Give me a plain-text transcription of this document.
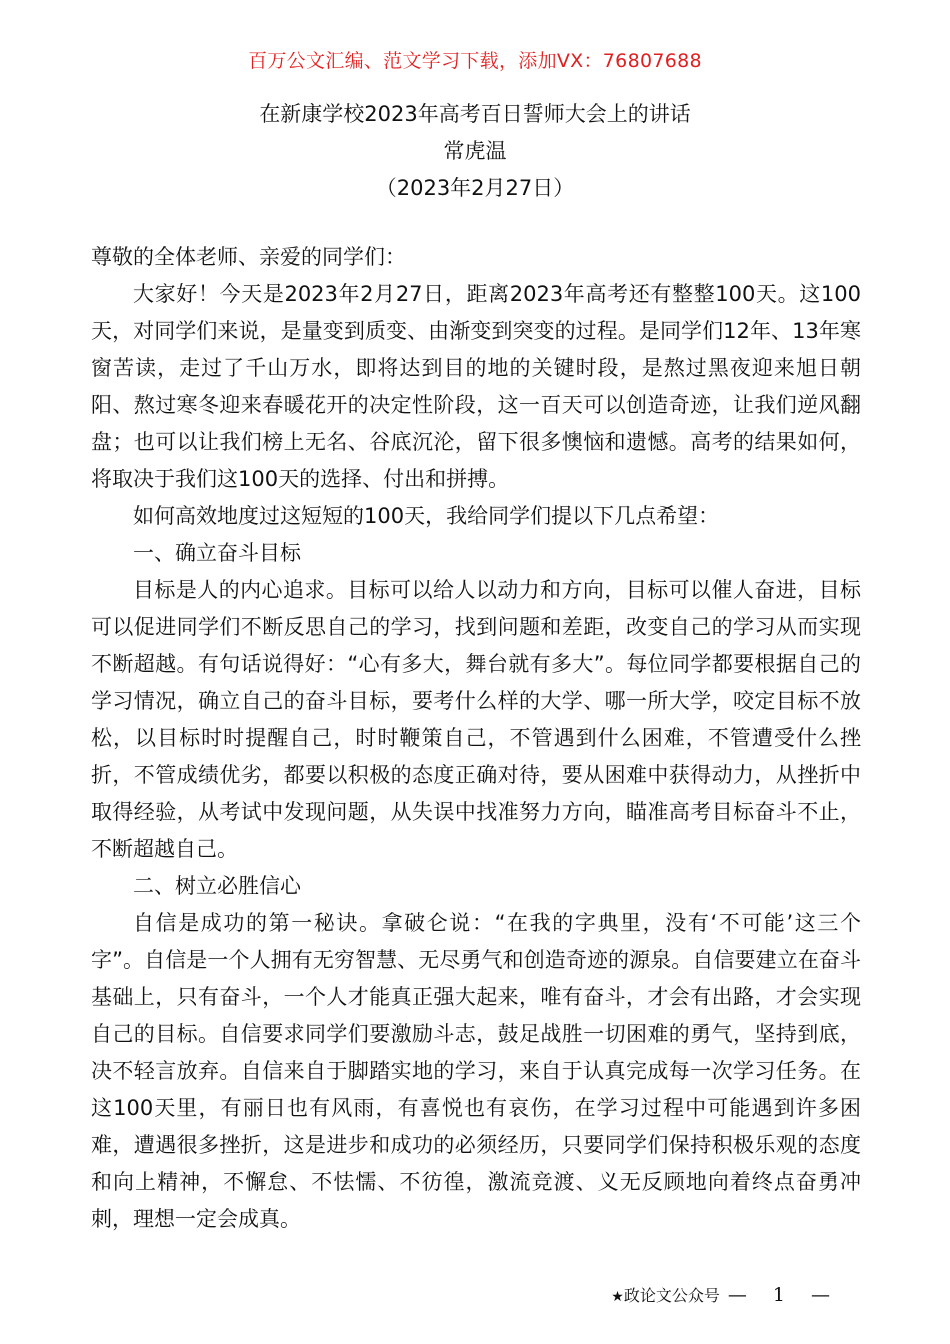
百万公文汇编、范文学习下载，添加VX：76807688
在新康学校2023年高考百日誓师大会上的讲话
常虎温
（2023年2月27日）

尊敬的全体老师、亲爱的同学们：

大家好！今天是2023年2月27日，距离2023年高考还有整整100天。这100天，对同学们来说，是量变到质变、由渐变到突变的过程。是同学们12年、13年寒窗苦读，走过了千山万水，即将达到目的地的关键时段，是熬过黑夜迎来旭日朝阳、熬过寒冬迎来春暖花开的决定性阶段，这一百天可以创造奇迹，让我们逆风翻盘；也可以让我们榜上无名、谷底沉沦，留下很多懊恼和遗憾。高考的结果如何，将取决于我们这100天的选择、付出和拼搏。

如何高效地度过这短短的100天，我给同学们提以下几点希望：

一、确立奋斗目标

目标是人的内心追求。目标可以给人以动力和方向，目标可以催人奋进，目标可以促进同学们不断反思自己的学习，找到问题和差距，改变自己的学习从而实现不断超越。有句话说得好：“心有多大，舞台就有多大”。每位同学都要根据自己的学习情况，确立自己的奋斗目标，要考什么样的大学、哪一所大学，咬定目标不放松，以目标时时提醒自己，时时鞭策自己，不管遇到什么困难，不管遭受什么挫折，不管成绩优劣，都要以积极的态度正确对待，要从困难中获得动力，从挫折中取得经验，从考试中发现问题，从失误中找准努力方向，瞄准高考目标奋斗不止，不断超越自己。

二、树立必胜信心

自信是成功的第一秘诀。拿破仑说：“在我的字典里，没有‘不可能’这三个字”。自信是一个人拥有无穷智慧、无尽勇气和创造奇迹的源泉。自信要建立在奋斗基础上，只有奋斗，一个人才能真正强大起来，唯有奋斗，才会有出路，才会实现自己的目标。自信要求同学们要激励斗志，鼓足战胜一切困难的勇气，坚持到底，决不轻言放弃。自信来自于脚踏实地的学习，来自于认真完成每一次学习任务。在这100天里，有丽日也有风雨，有喜悦也有哀伤，在学习过程中可能遇到许多困难，遭遇很多挫折，这是进步和成功的必须经历，只要同学们保持积极乐观的态度和向上精神，不懈怠、不怯懦、不彷徨，激流竞渡、义无反顾地向着终点奋勇冲刺，理想一定会成真。

★政论文公众号 — 1 —
